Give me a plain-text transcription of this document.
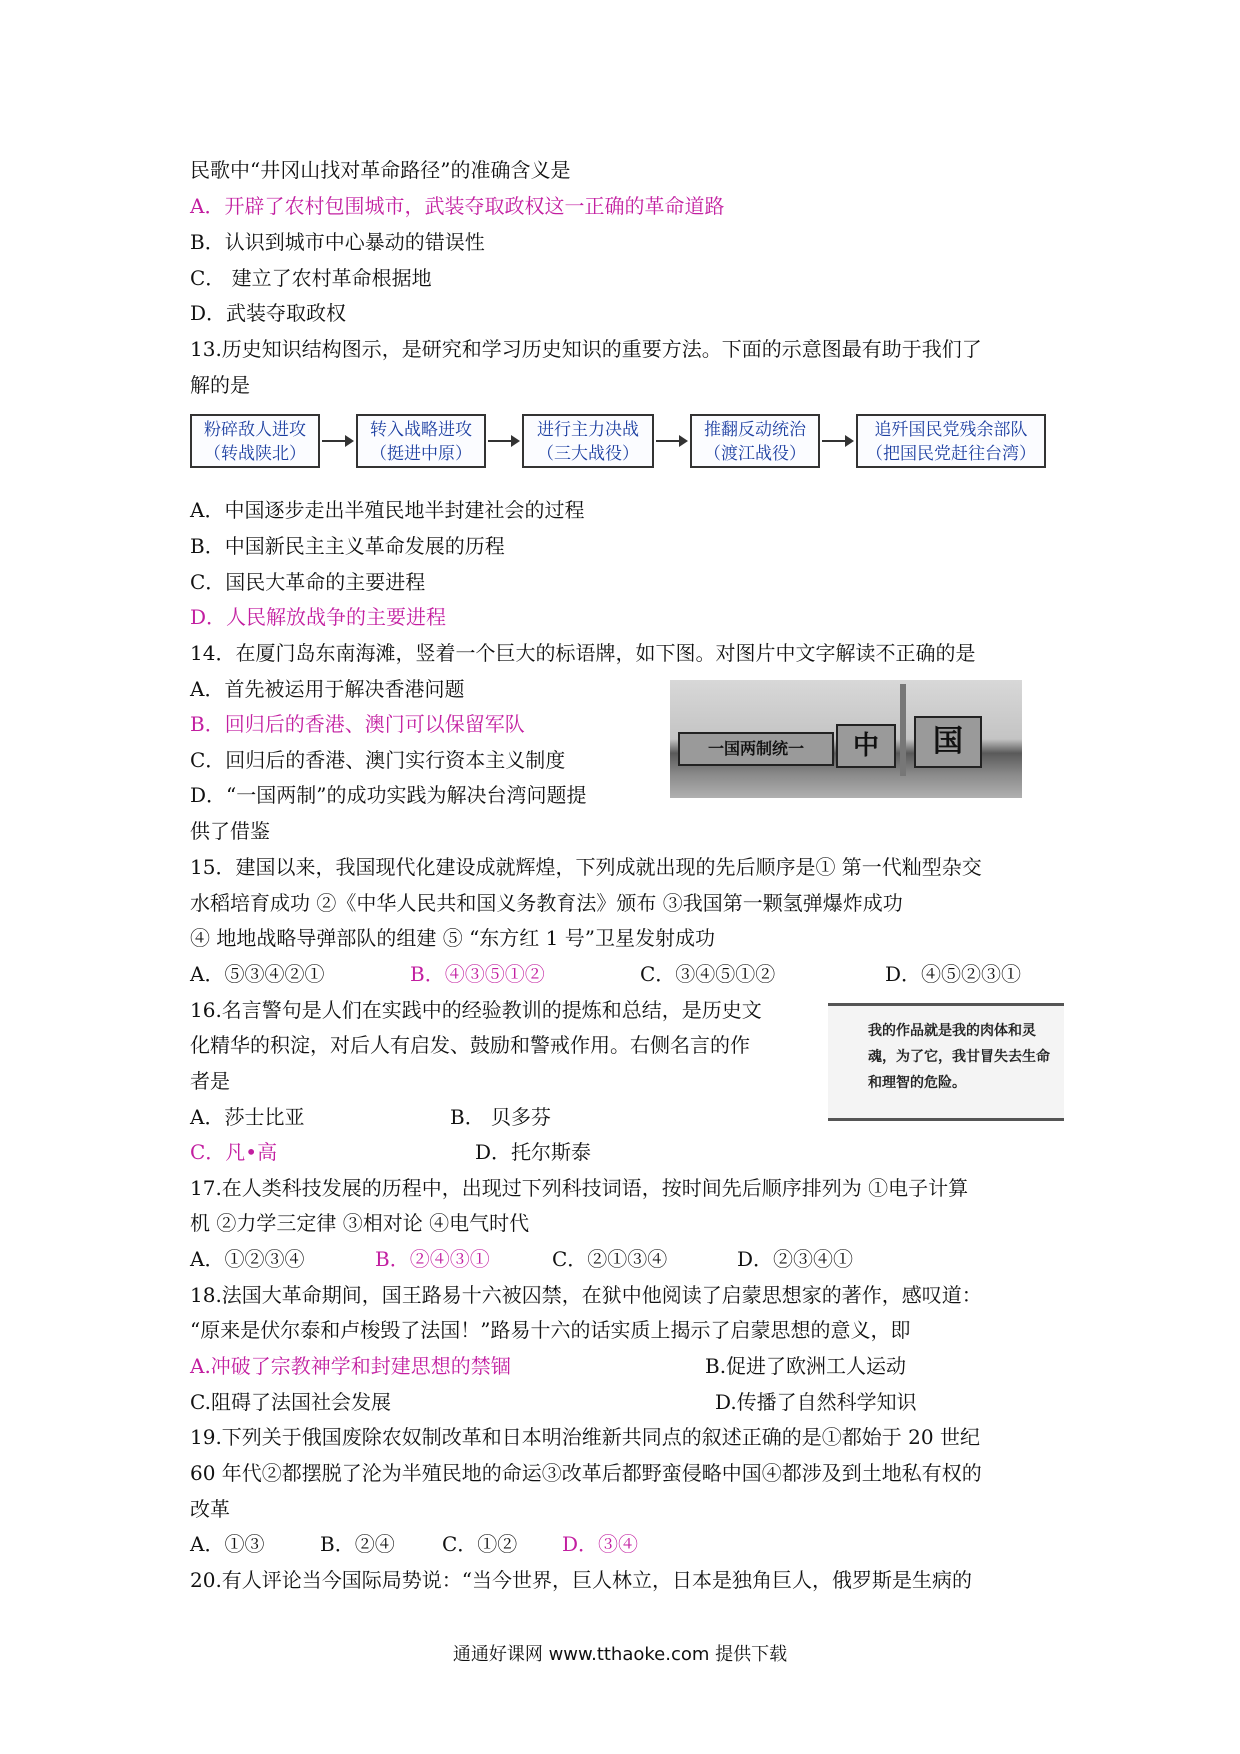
民歌中“井冈山找对革命路径”的准确含义是
A．开辟了农村包围城市，武装夺取政权这一正确的革命道路
B．认识到城市中心暴动的错误性
C． 建立了农村革命根据地
D．武装夺取政权
13.历史知识结构图示，是研究和学习历史知识的重要方法。下面的示意图最有助于我们了
解的是
粉碎敌人进攻
（转战陕北）
转入战略进攻
（挺进中原）
进行主力决战
（三大战役）
推翻反动统治
（渡江战役）
追歼国民党残余部队
（把国民党赶往台湾）
A．中国逐步走出半殖民地半封建社会的过程
B．中国新民主主义革命发展的历程
C．国民大革命的主要进程
D．人民解放战争的主要进程
14．在厦门岛东南海滩，竖着一个巨大的标语牌，如下图。对图片中文字解读不正确的是
A．首先被运用于解决香港问题
B．回归后的香港、澳门可以保留军队
C．回归后的香港、澳门实行资本主义制度
D．“一国两制”的成功实践为解决台湾问题提
供了借鉴
一国两制统一	中	国
15．建国以来，我国现代化建设成就辉煌，下列成就出现的先后顺序是① 第一代籼型杂交
水稻培育成功 ②《中华人民共和国义务教育法》颁布 ③我国第一颗氢弹爆炸成功
④ 地地战略导弹部队的组建 ⑤ “东方红 1 号”卫星发射成功
A．⑤③④②①	B．④③⑤①②	C．③④⑤①②	D．④⑤②③①
16.名言警句是人们在实践中的经验教训的提炼和总结，是历史文
化精华的积淀，对后人有启发、鼓励和警戒作用。右侧名言的作
者是
我的作品就是我的肉体和灵魂，为了它，我甘冒失去生命和理智的危险。
A．莎士比亚	B． 贝多芬
C．凡•高	D．托尔斯泰
17.在人类科技发展的历程中，出现过下列科技词语，按时间先后顺序排列为 ①电子计算
机 ②力学三定律 ③相对论 ④电气时代
A．①②③④	B．②④③①	C．②①③④	D．②③④①
18.法国大革命期间，国王路易十六被囚禁，在狱中他阅读了启蒙思想家的著作，感叹道：
“原来是伏尔泰和卢梭毁了法国！”路易十六的话实质上揭示了启蒙思想的意义，即
A.冲破了宗教神学和封建思想的禁锢	B.促进了欧洲工人运动
C.阻碍了法国社会发展	D.传播了自然科学知识
19.下列关于俄国废除农奴制改革和日本明治维新共同点的叙述正确的是①都始于 20 世纪
60 年代②都摆脱了沦为半殖民地的命运③改革后都野蛮侵略中国④都涉及到土地私有权的
改革
A．①③	B．②④ C．①② D．③④
20.有人评论当今国际局势说：“当今世界，巨人林立，日本是独角巨人，俄罗斯是生病的
通通好课网 www.tthaoke.com 提供下载
